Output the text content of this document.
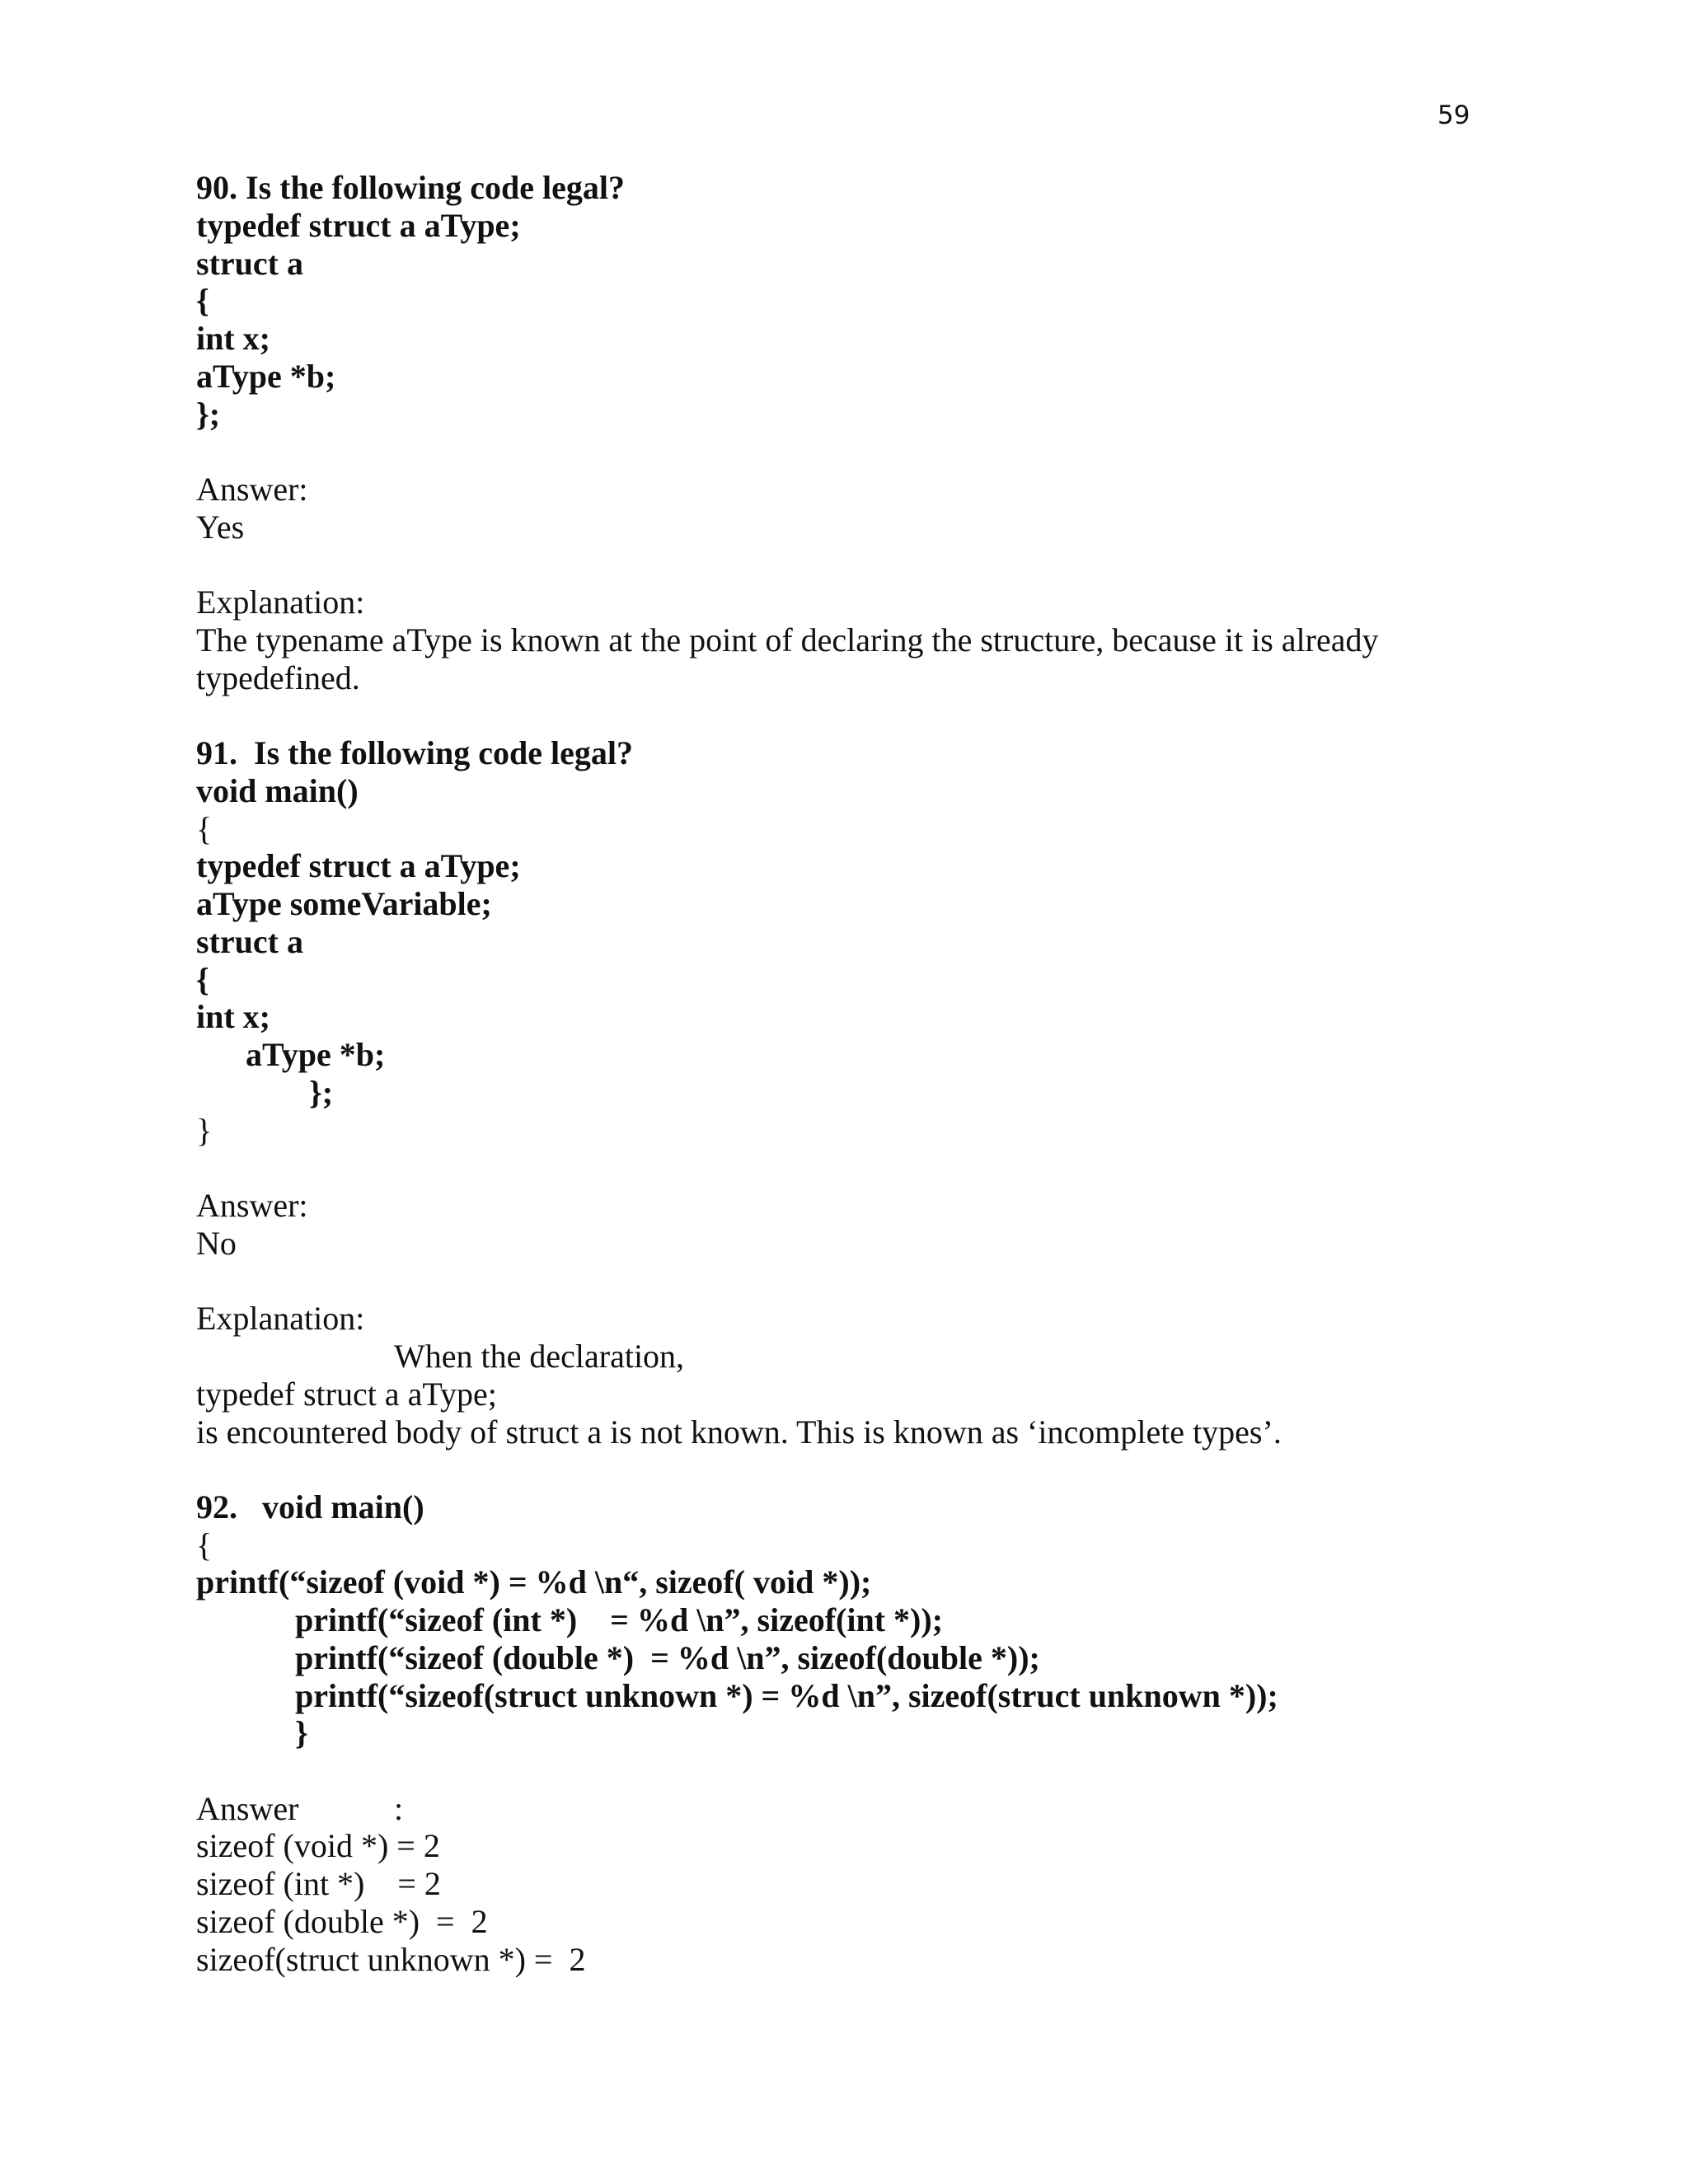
59
90. Is the following code legal?
typedef struct a aType;
struct a
{
int x;
aType *b;
};
Answer:
Yes
Explanation:
The typename aType is known at the point of declaring the structure, because it is already
typedefined.
91.  Is the following code legal?
void main()
{
typedef struct a aType;
aType someVariable;
struct a
{
int x;
aType *b;
};
}
Answer:
No
Explanation:
When the declaration,
typedef struct a aType;
is encountered body of struct a is not known. This is known as ‘incomplete types’.
92.   void main()
{
printf(“sizeof (void *) = %d \n“, sizeof( void *));
printf(“sizeof (int *)    = %d \n”, sizeof(int *));
printf(“sizeof (double *)  = %d \n”, sizeof(double *));
printf(“sizeof(struct unknown *) = %d \n”, sizeof(struct unknown *));
}
Answer	:
sizeof (void *) = 2
sizeof (int *)    = 2
sizeof (double *)  =  2
sizeof(struct unknown *) =  2
